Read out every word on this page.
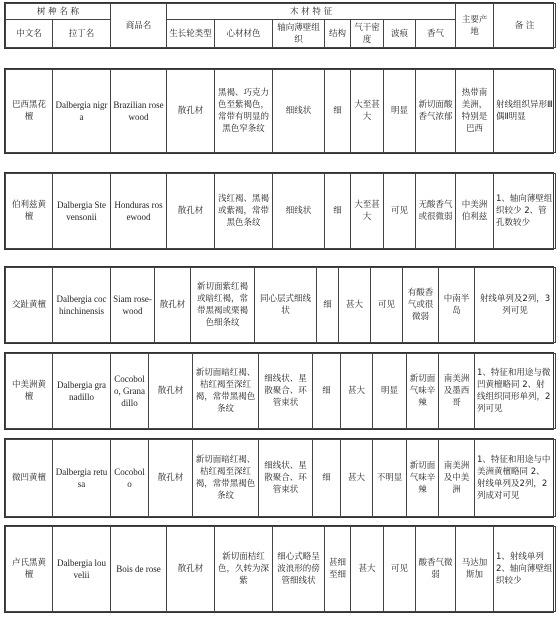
树 种 名 称		商品名	木 材 特 征							主要产地	备 注
中文名	拉丁名		生长轮类型	心材材色	轴向薄壁组织	结构	气干密度	波痕	香气		
巴西黑花檀	Dalbergia nigra	Brazilian rosewood	散孔材	黑褐、巧克力色至紫褐色，常带有明显的黑色窄条纹	细线状	细	大至甚大	明显	新切面酸香气浓郁	热带南美洲，特别是巴西	射线组织异形Ⅲ偶Ⅱ明显
伯利兹黄檀	Dalbergia Stevensonii	Honduras rosewood	散孔材	浅红褐、黑褐或紫褐，常带黑色条纹	细线状	细	大至甚大	可见	无酸香气或很微弱	中美洲伯利兹	1、轴向薄壁组织较少 2、管孔数较少
交趾黄檀	Dalbergia cochinchinensis	Siam rose-wood	散孔材	新切面紫红褐或暗红褐，常带黑褐或栗褐色细条纹	同心层式细线状	细	甚大	可见	有酸香气或很微弱	中南半岛	射线单列及2列，3列可见
中美洲黄檀	Dalbergia granadillo	Cocobolo, Granadillo	散孔材	新切面暗红褐、桔红褐至深红褐，常带黑褐色条纹	细线状、星散聚合、环管束状	细	甚大	明显	新切面气味辛辣	南美洲及墨西哥	1、特征和用途与微凹黄檀略同 2、射线组织同形单列，2列可见
微凹黄檀	Dalbergia retusa	Cocobolo	散孔材	新切面暗红褐、桔红褐至深红褐，常带黑褐色条纹	细线状、星散聚合、环管束状	细	甚大	不明显	新切面气味辛辣	南美洲及中美洲	1、特征和用途与中美洲黄檀略同 2、射线单列及2列，2列成对可见
卢氏黑黄檀	Dalbergia louvelii	Bois de rose	散孔材	新切面桔红色，久转为深紫	细心式略呈波浪形的傍管细线状	甚细至细	甚大	可见	酸香气微弱	马达加斯加	1、射线单列 2、轴向薄壁组织较少
